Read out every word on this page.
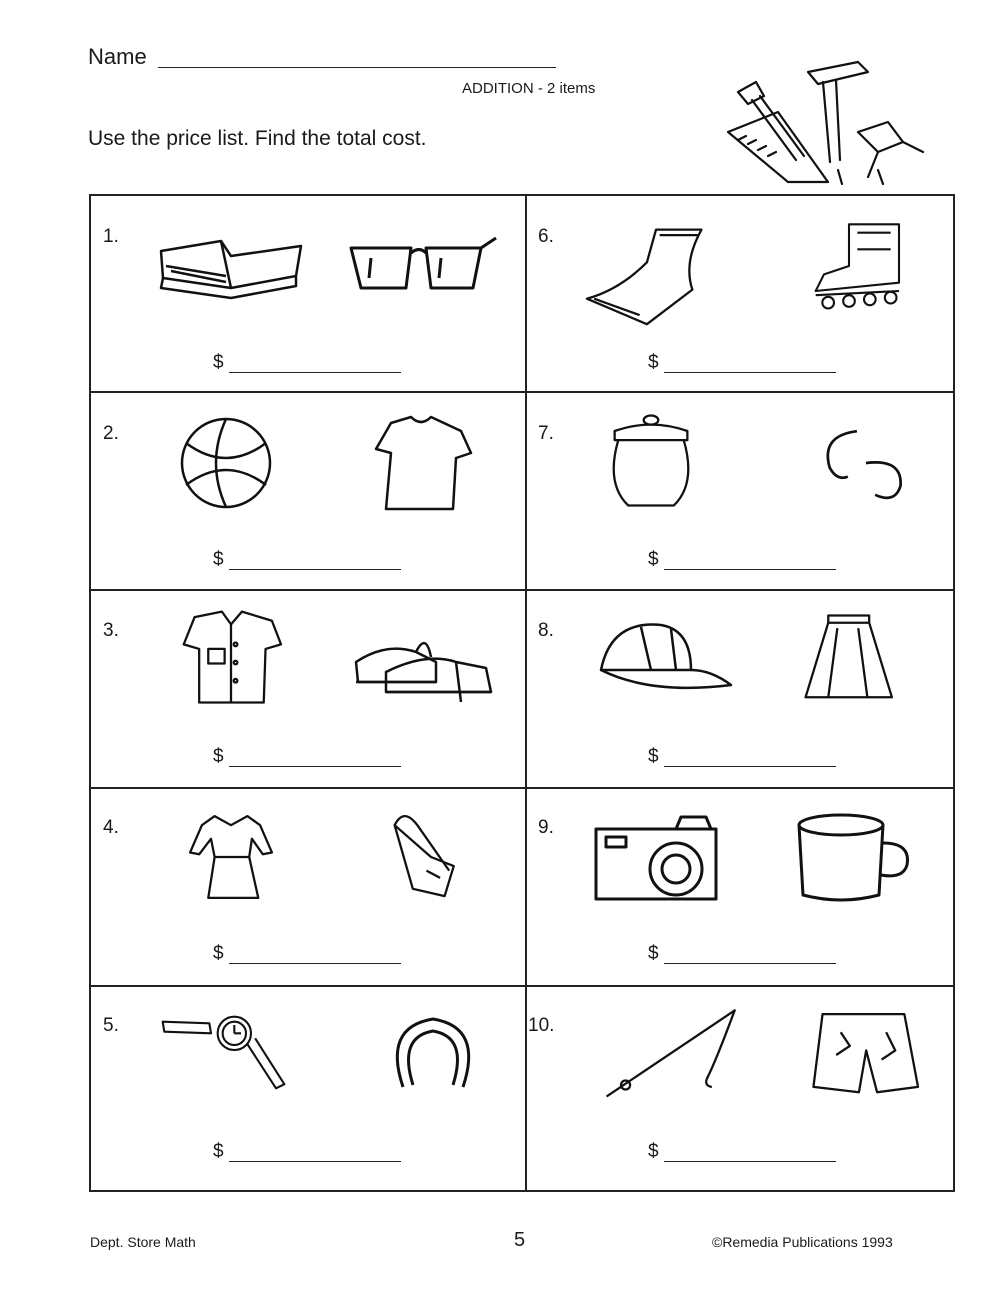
Name
ADDITION - 2 items
Use the price list. Find the total cost.
1.
$
2.
$
3.
$
4.
$
5.
$
6.
$
7.
$
8.
$
9.
$
10.
$
Dept. Store Math	5	©Remedia Publications 1993
